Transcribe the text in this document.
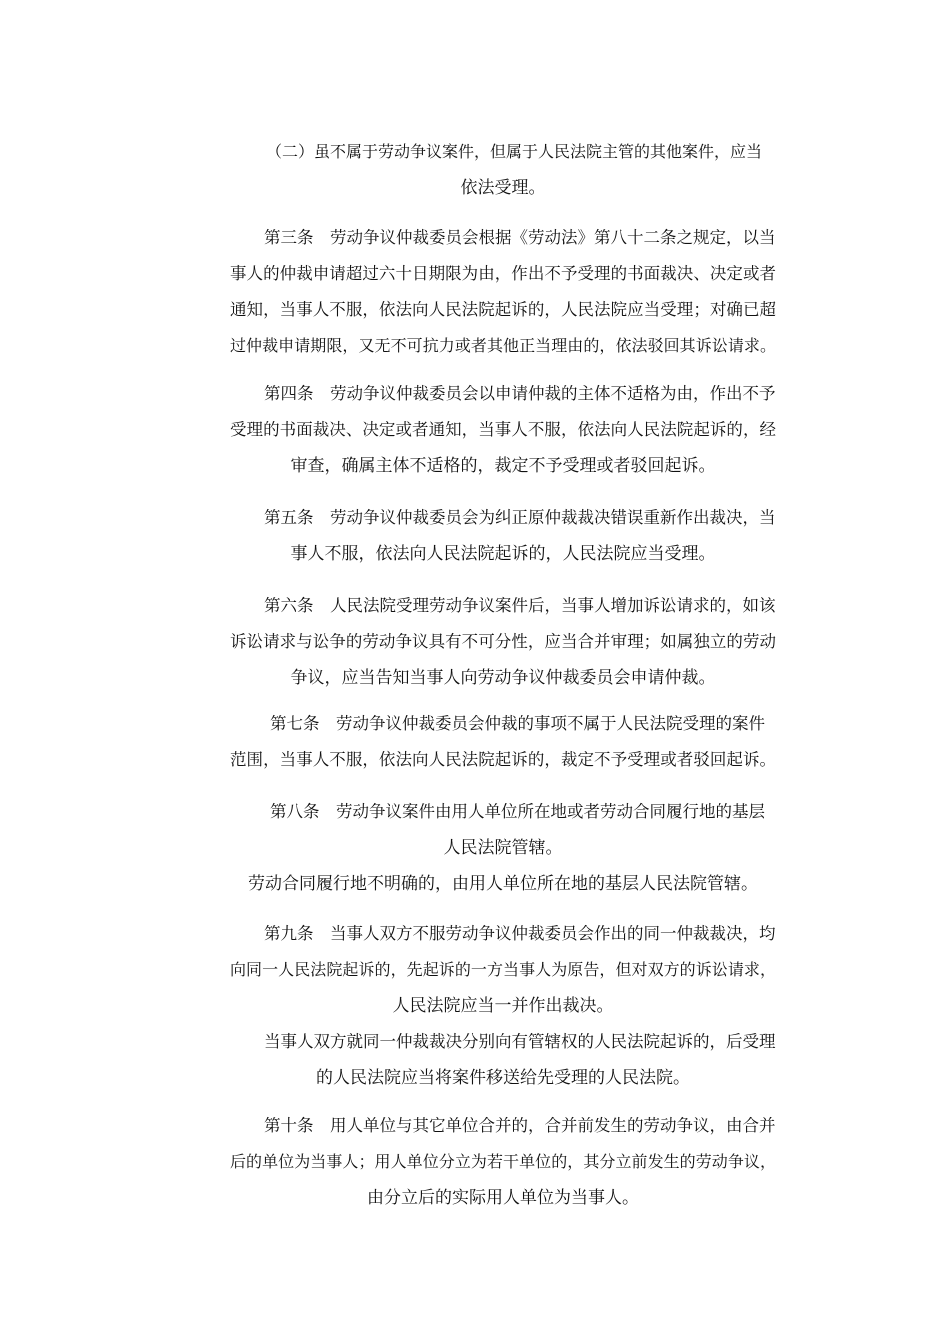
（二）虽不属于劳动争议案件，但属于人民法院主管的其他案件，应当
依法受理。
第三条　劳动争议仲裁委员会根据《劳动法》第八十二条之规定，以当
事人的仲裁申请超过六十日期限为由，作出不予受理的书面裁决、决定或者
通知，当事人不服，依法向人民法院起诉的，人民法院应当受理；对确已超
过仲裁申请期限，又无不可抗力或者其他正当理由的，依法驳回其诉讼请求。
第四条　劳动争议仲裁委员会以申请仲裁的主体不适格为由，作出不予
受理的书面裁决、决定或者通知，当事人不服，依法向人民法院起诉的，经
审查，确属主体不适格的，裁定不予受理或者驳回起诉。
第五条　劳动争议仲裁委员会为纠正原仲裁裁决错误重新作出裁决，当
事人不服，依法向人民法院起诉的，人民法院应当受理。
第六条　人民法院受理劳动争议案件后，当事人增加诉讼请求的，如该
诉讼请求与讼争的劳动争议具有不可分性，应当合并审理；如属独立的劳动
争议，应当告知当事人向劳动争议仲裁委员会申请仲裁。
第七条　劳动争议仲裁委员会仲裁的事项不属于人民法院受理的案件
范围，当事人不服，依法向人民法院起诉的，裁定不予受理或者驳回起诉。
第八条　劳动争议案件由用人单位所在地或者劳动合同履行地的基层
人民法院管辖。
劳动合同履行地不明确的，由用人单位所在地的基层人民法院管辖。
第九条　当事人双方不服劳动争议仲裁委员会作出的同一仲裁裁决，均
向同一人民法院起诉的，先起诉的一方当事人为原告，但对双方的诉讼请求，
人民法院应当一并作出裁决。
当事人双方就同一仲裁裁决分别向有管辖权的人民法院起诉的，后受理
的人民法院应当将案件移送给先受理的人民法院。
第十条　用人单位与其它单位合并的，合并前发生的劳动争议，由合并
后的单位为当事人；用人单位分立为若干单位的，其分立前发生的劳动争议，
由分立后的实际用人单位为当事人。
